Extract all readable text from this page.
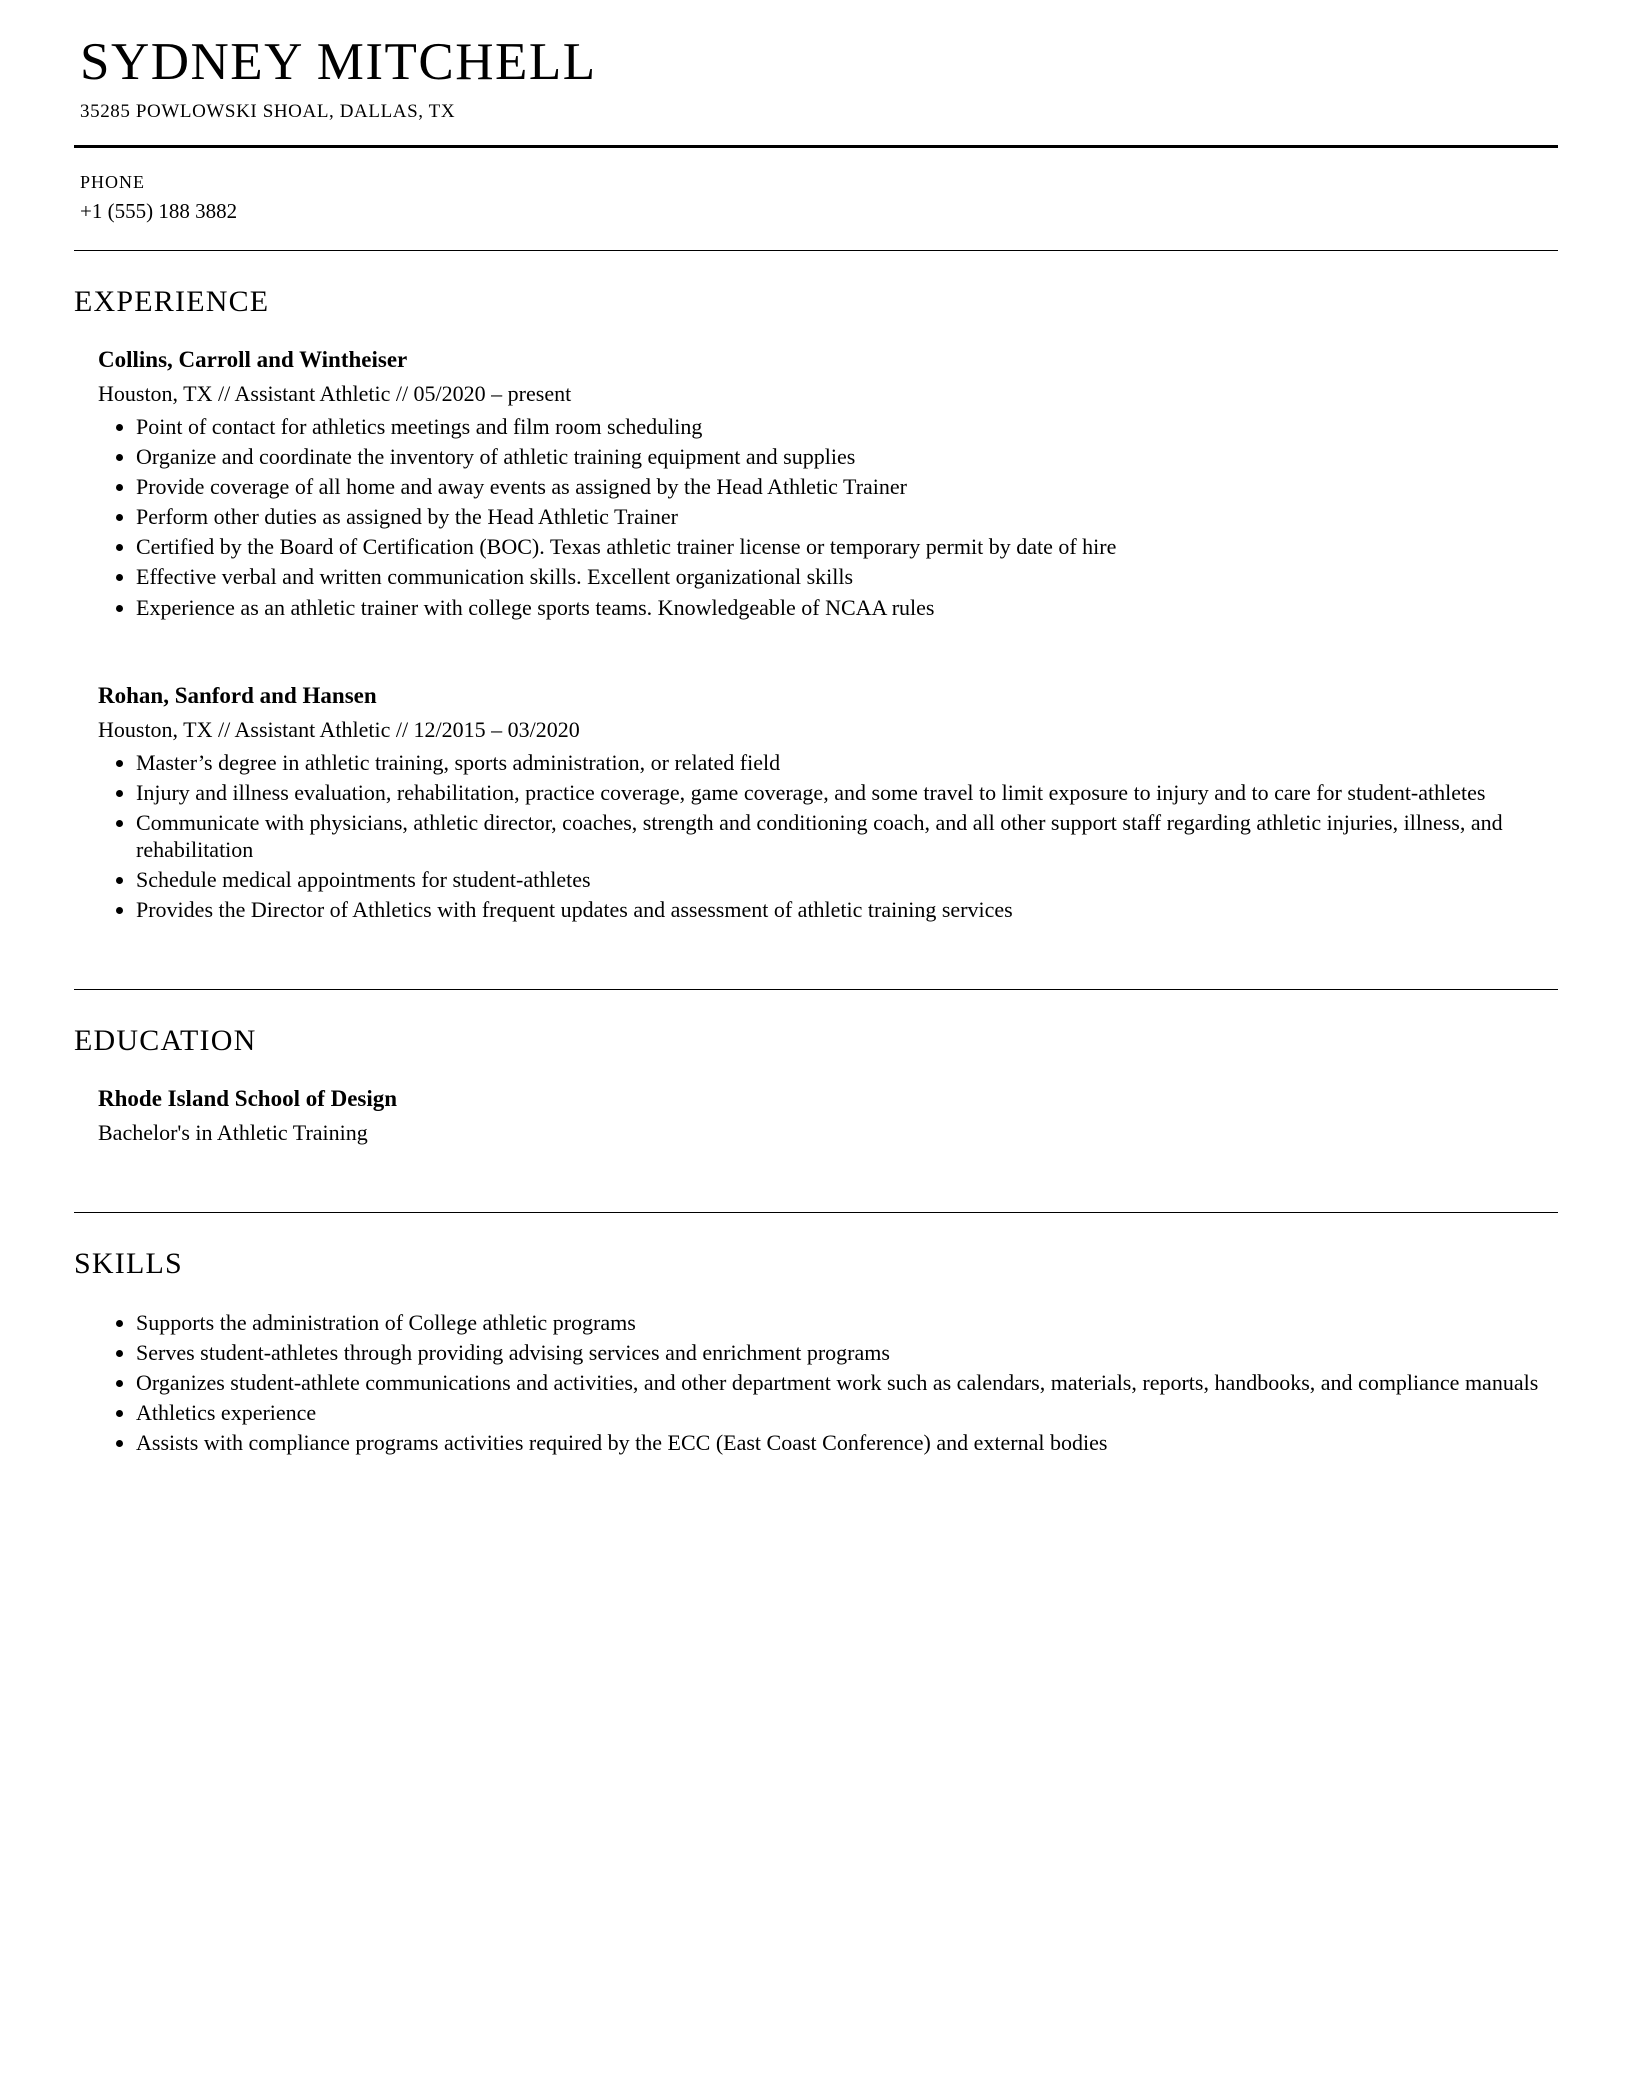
SYDNEY MITCHELL
35285 POWLOWSKI SHOAL, DALLAS, TX
PHONE
+1 (555) 188 3882
EXPERIENCE
Collins, Carroll and Wintheiser
Houston, TX // Assistant Athletic // 05/2020 – present
• Point of contact for athletics meetings and film room scheduling
• Organize and coordinate the inventory of athletic training equipment and supplies
• Provide coverage of all home and away events as assigned by the Head Athletic Trainer
• Perform other duties as assigned by the Head Athletic Trainer
• Certified by the Board of Certification (BOC). Texas athletic trainer license or temporary permit by date of hire
• Effective verbal and written communication skills. Excellent organizational skills
• Experience as an athletic trainer with college sports teams. Knowledgeable of NCAA rules
Rohan, Sanford and Hansen
Houston, TX // Assistant Athletic // 12/2015 – 03/2020
• Master’s degree in athletic training, sports administration, or related field
• Injury and illness evaluation, rehabilitation, practice coverage, game coverage, and some travel to limit exposure to injury and to care for student-athletes
• Communicate with physicians, athletic director, coaches, strength and conditioning coach, and all other support staff regarding athletic injuries, illness, and rehabilitation
• Schedule medical appointments for student-athletes
• Provides the Director of Athletics with frequent updates and assessment of athletic training services
EDUCATION
Rhode Island School of Design
Bachelor's in Athletic Training
SKILLS
• Supports the administration of College athletic programs
• Serves student-athletes through providing advising services and enrichment programs
• Organizes student-athlete communications and activities, and other department work such as calendars, materials, reports, handbooks, and compliance manuals
• Athletics experience
• Assists with compliance programs activities required by the ECC (East Coast Conference) and external bodies
